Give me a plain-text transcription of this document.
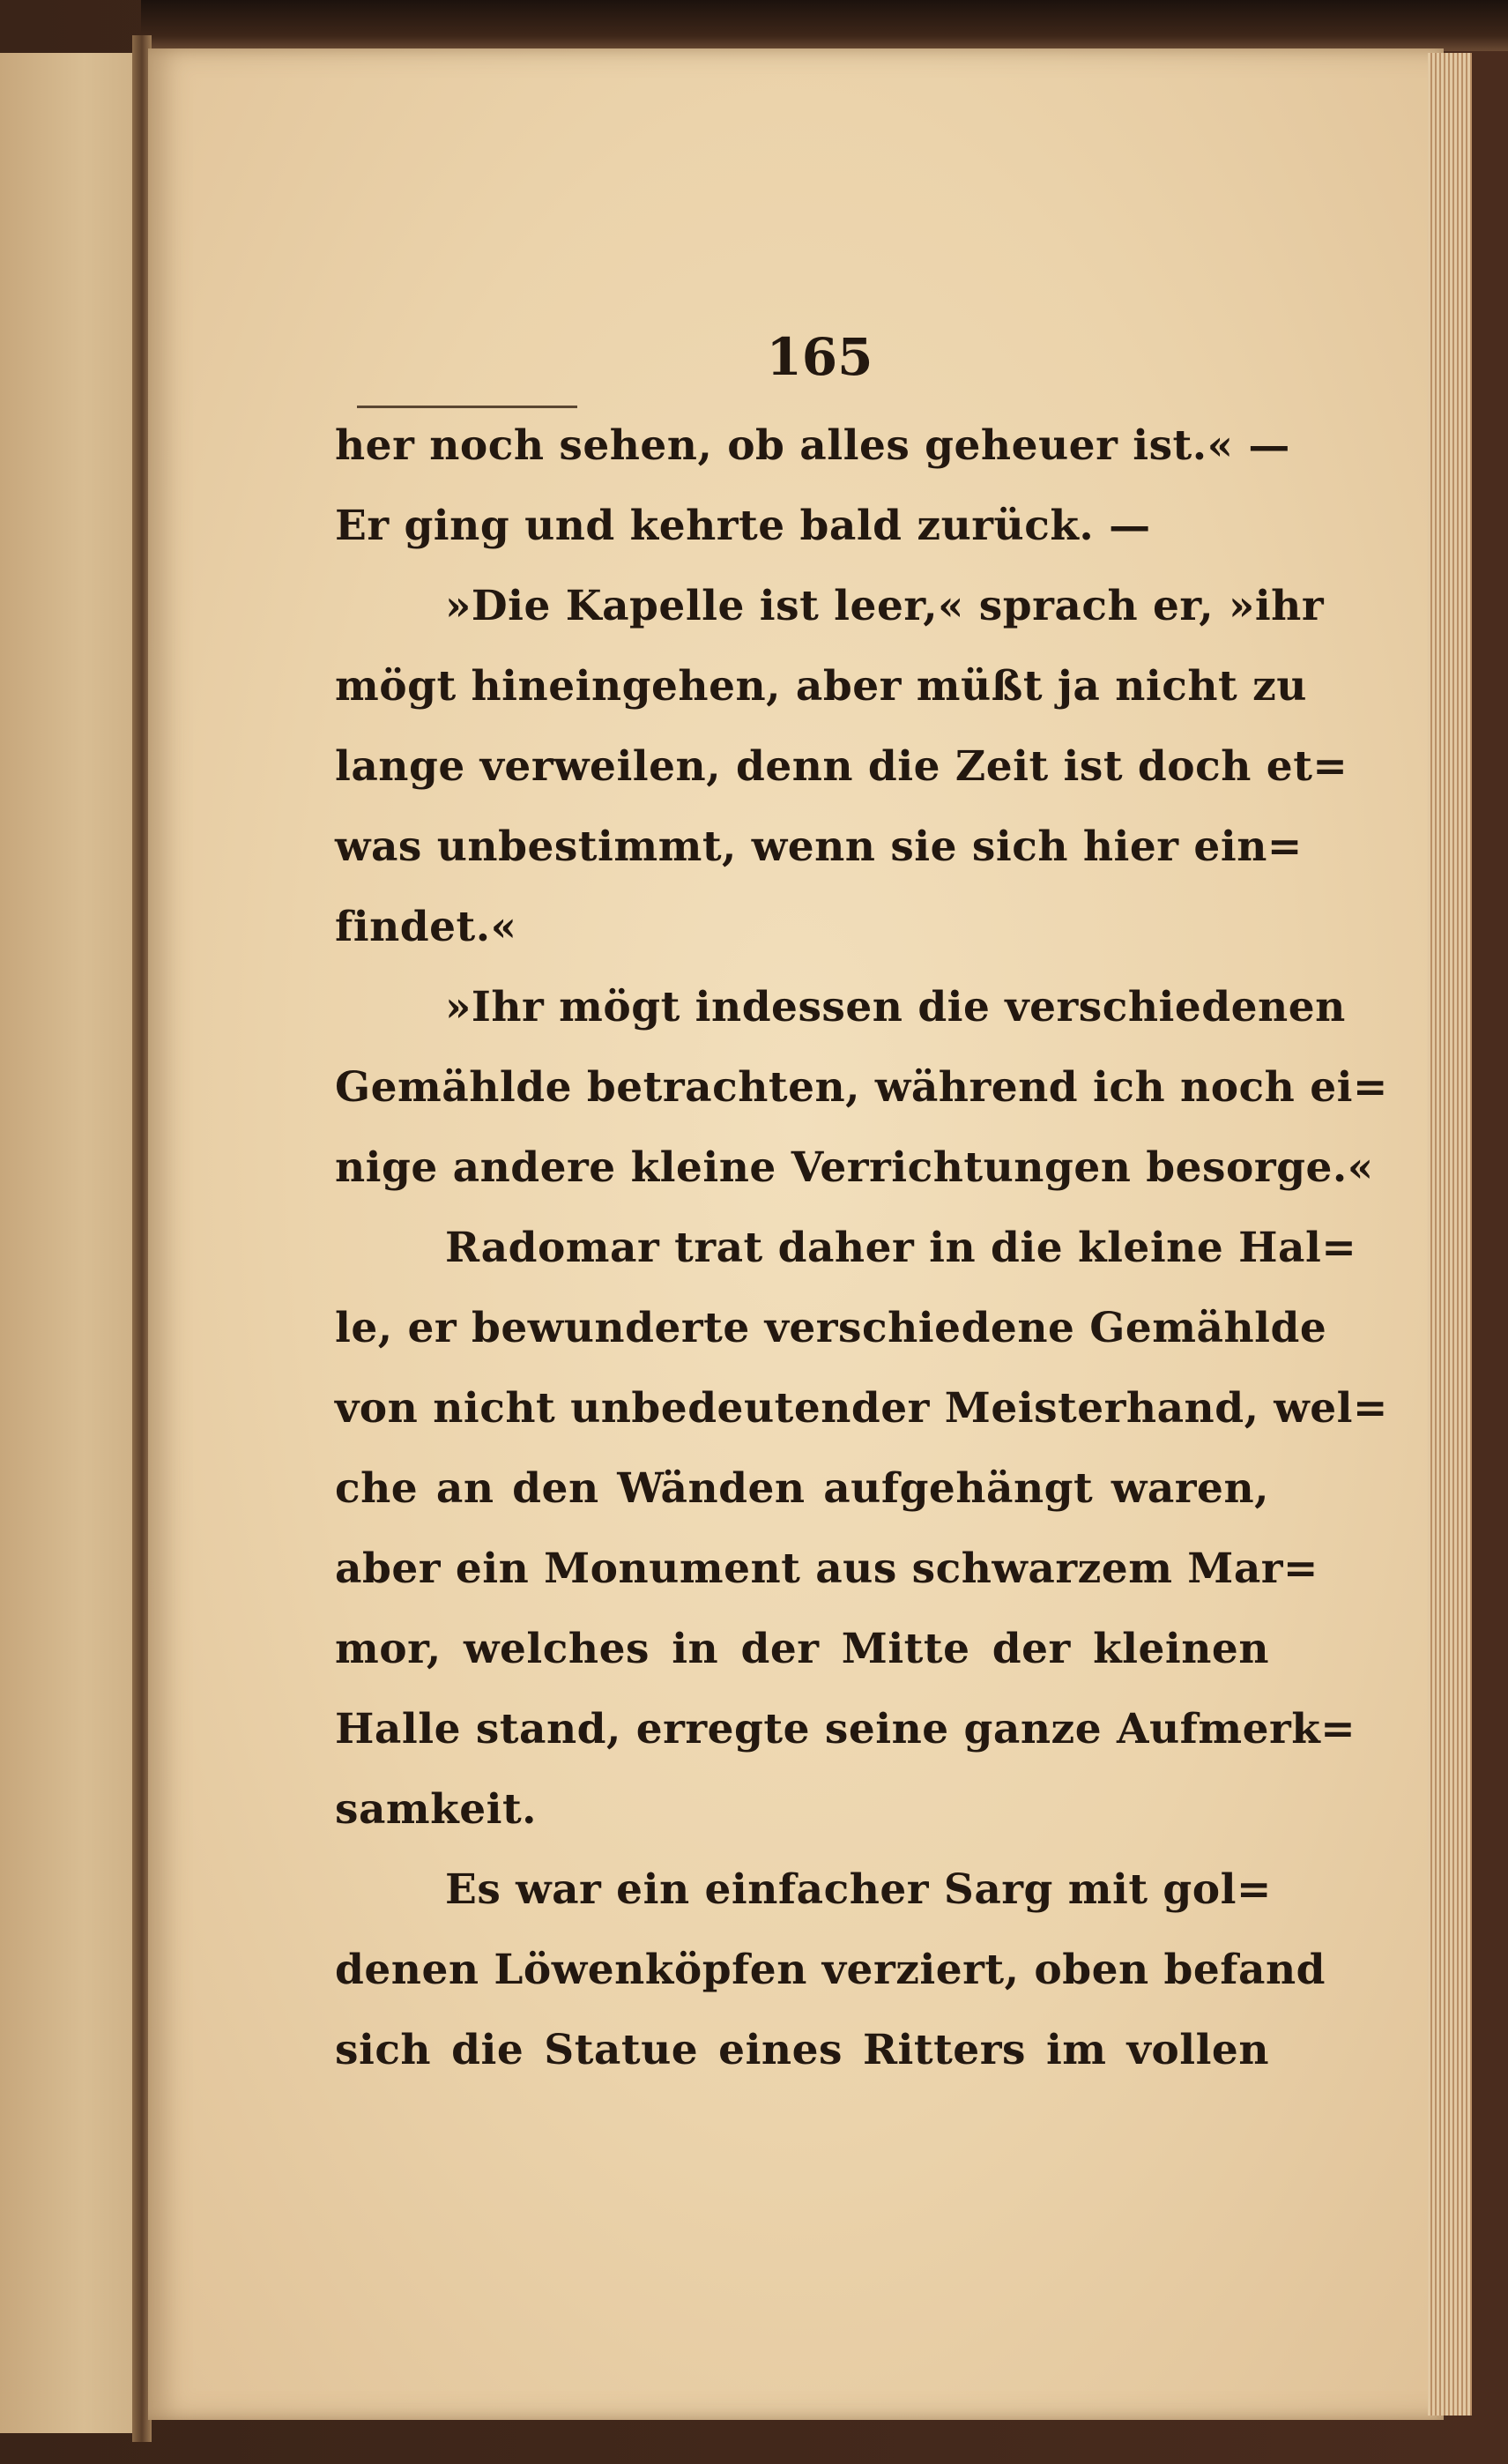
165
her noch sehen, ob alles geheuer ist.« —
Er ging und kehrte bald zurück. —
»Die Kapelle ist leer,« sprach er, »ihr
mögt hineingehen, aber müßt ja nicht zu
lange verweilen, denn die Zeit ist doch et=
was unbestimmt, wenn sie sich hier ein=
findet.«
»Ihr mögt indessen die verschiedenen
Gemählde betrachten, während ich noch ei=
nige andere kleine Verrichtungen besorge.«
Radomar trat daher in die kleine Hal=
le, er bewunderte verschiedene Gemählde
von nicht unbedeutender Meisterhand, wel=
che an den Wänden aufgehängt waren,
aber ein Monument aus schwarzem Mar=
mor, welches in der Mitte der kleinen
Halle stand, erregte seine ganze Aufmerk=
samkeit.
Es war ein einfacher Sarg mit gol=
denen Löwenköpfen verziert, oben befand
sich die Statue eines Ritters im vollen
